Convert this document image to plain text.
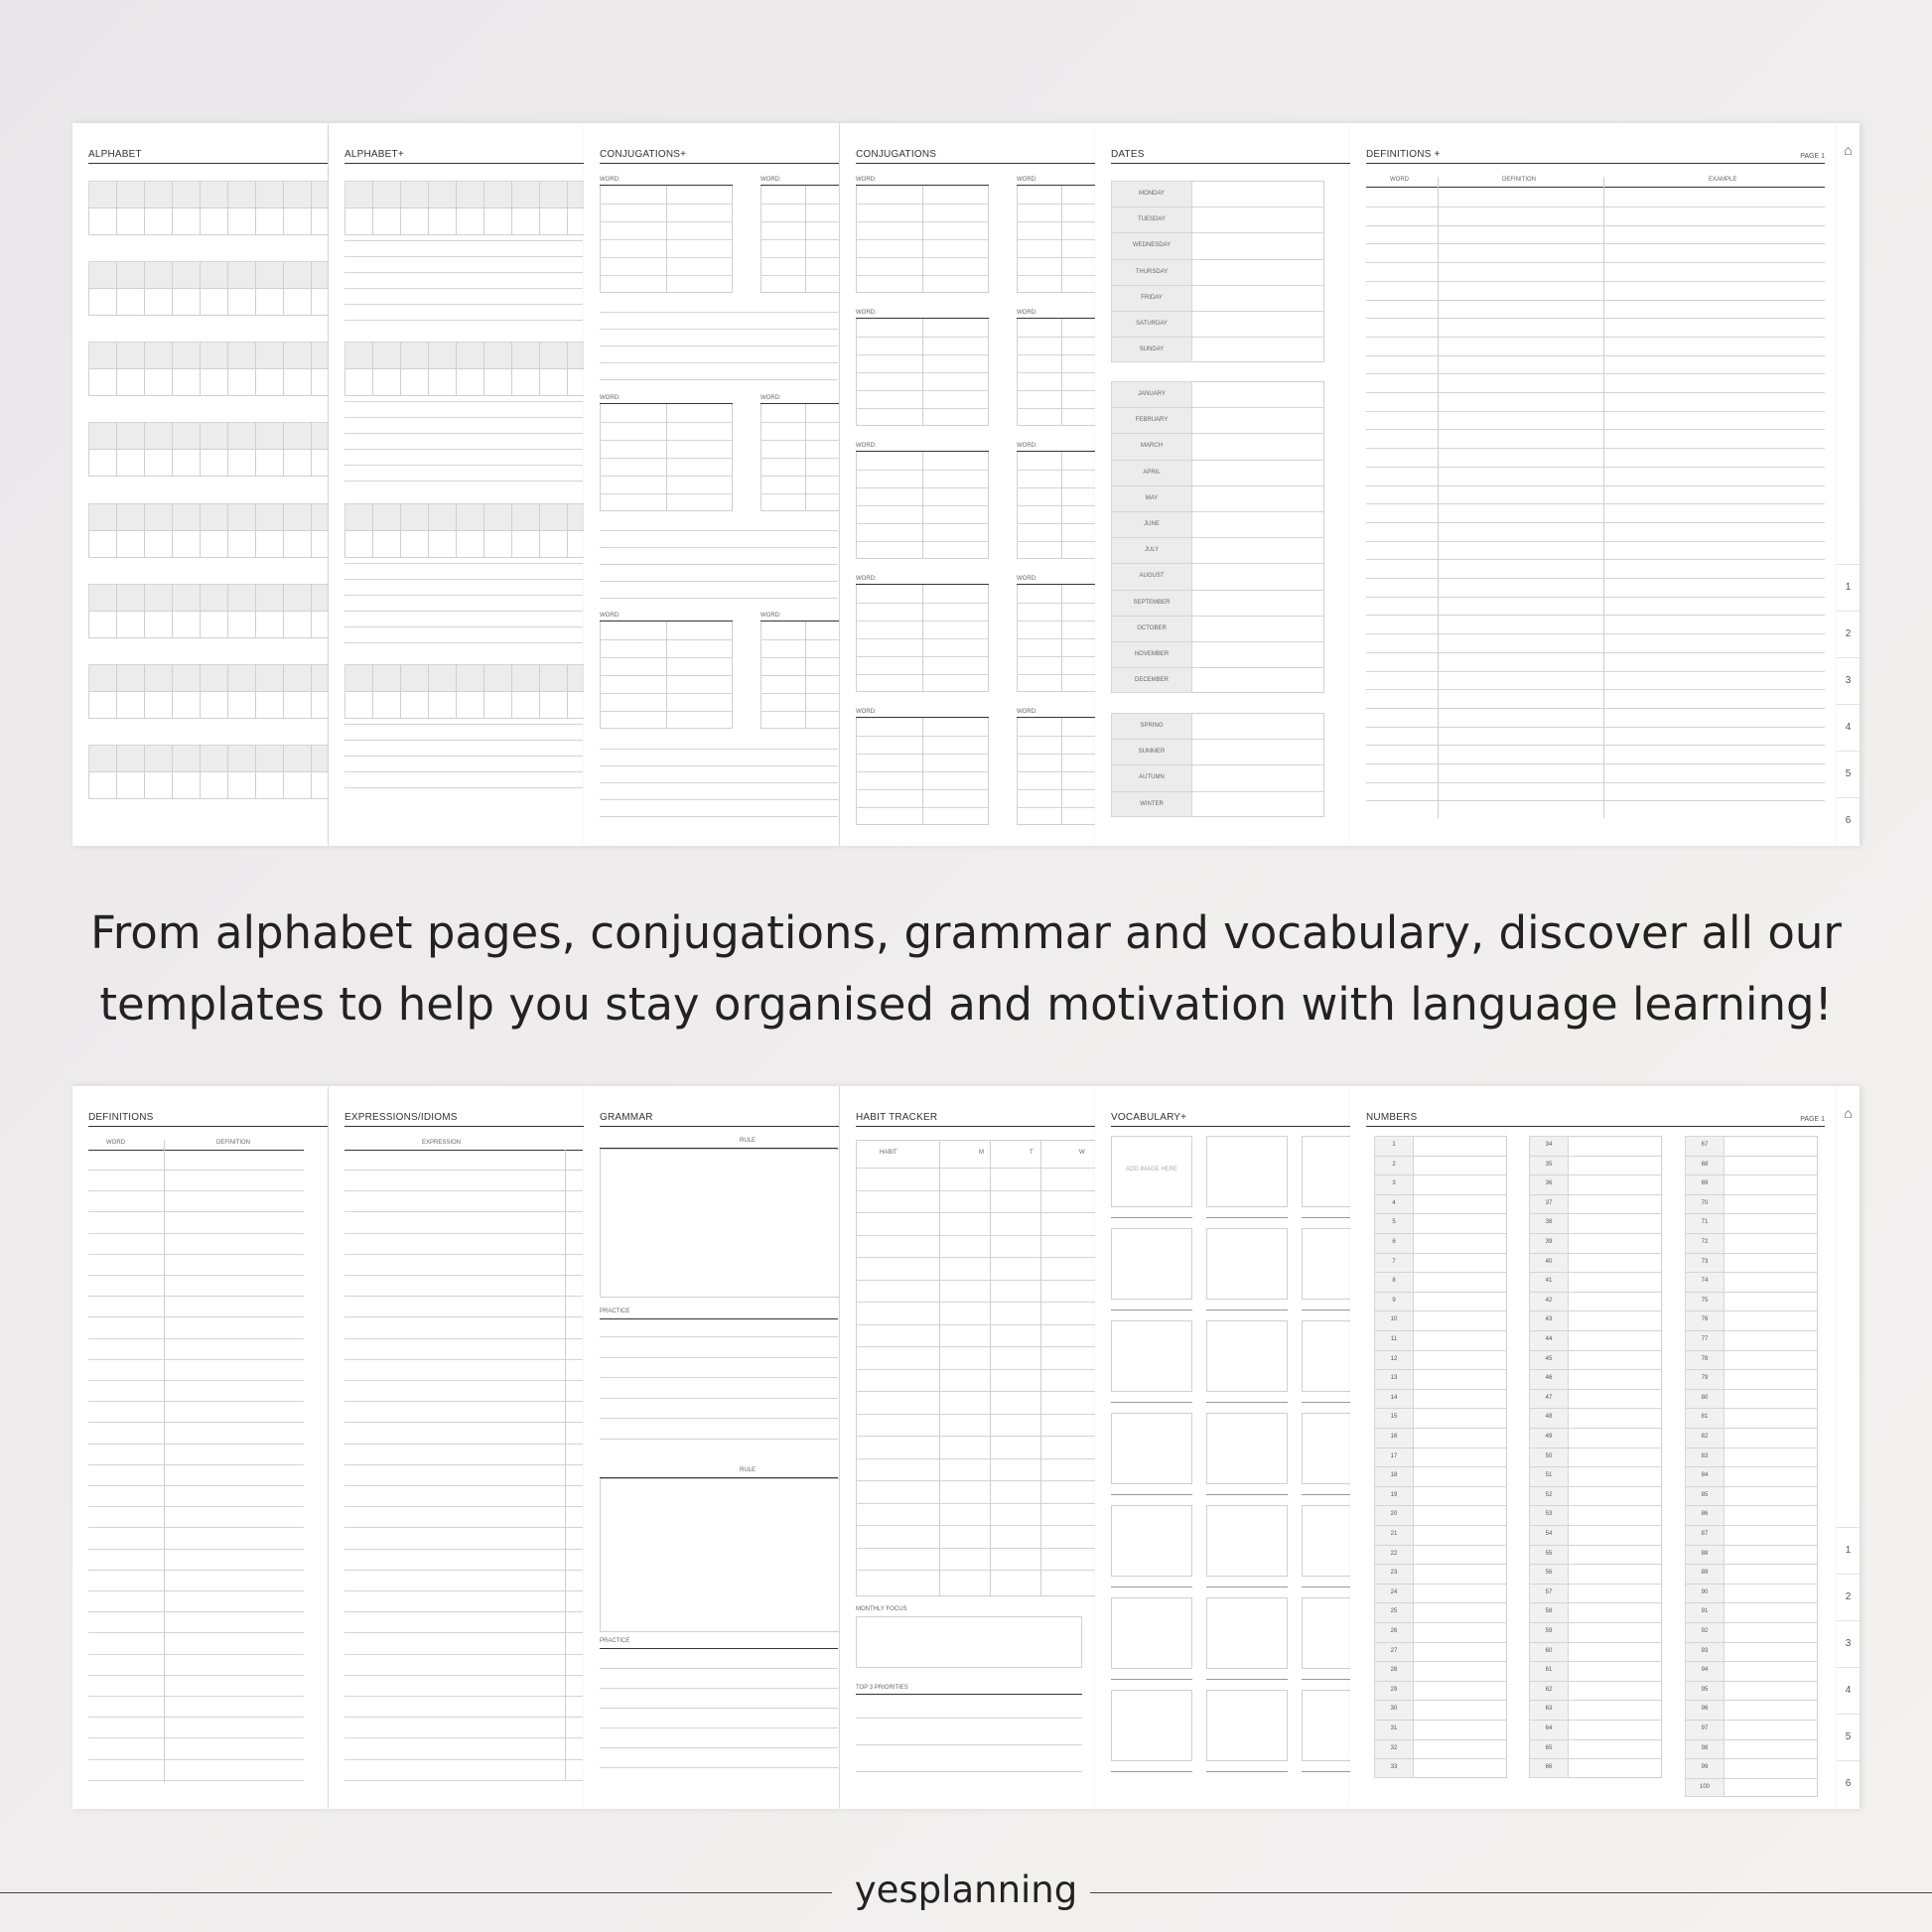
ALPHABET	ALPHABET+	CONJUGATIONS+
WORD:	WORD:
WORD:	WORD:
WORD:	WORD:
CONJUGATIONS
WORD:	WORD:
WORD:	WORD:
WORD:	WORD:
WORD:	WORD:
WORD:	WORD:
DATES
MONDAY
TUESDAY
WEDNESDAY
THURSDAY
FRIDAY
SATURDAY
SUNDAY
JANUARY
FEBRUARY
MARCH
APRIL
MAY
JUNE
JULY
AUGUST
SEPTEMBER
OCTOBER
NOVEMBER
DECEMBER
SPRING
SUMMER
AUTUMN
WINTER
DEFINITIONS +	PAGE 1
WORD	DEFINITION	EXAMPLE
⌂
1
2
3
4
5
6
From alphabet pages, conjugations, grammar and vocabulary, discover all our
templates to help you stay organised and motivation with language learning!
DEFINITIONS
WORD	DEFINITION
EXPRESSIONS/IDIOMS
EXPRESSION
GRAMMAR
RULE
PRACTICE
RULE
PRACTICE
HABIT TRACKER
HABIT	M	T	W
MONTHLY FOCUS
TOP 3 PRIORITIES
VOCABULARY+
ADD IMAGE HERE
NUMBERS	PAGE 1	⌂
1
2
3
4
5
6
1
2
3
4
5
6
7
8
9
10
11
12
13
14
15
16
17
18
19
20
21
22
23
24
25
26
27
28
29
30
31
32
33
34
35
36
37
38
39
40
41
42
43
44
45
46
47
48
49
50
51
52
53
54
55
56
57
58
59
60
61
62
63
64
65
66
67
68
69
70
71
72
73
74
75
76
77
78
79
80
81
82
83
84
85
86
87
88
89
90
91
92
93
94
95
96
97
98
99
100
yesplanning
